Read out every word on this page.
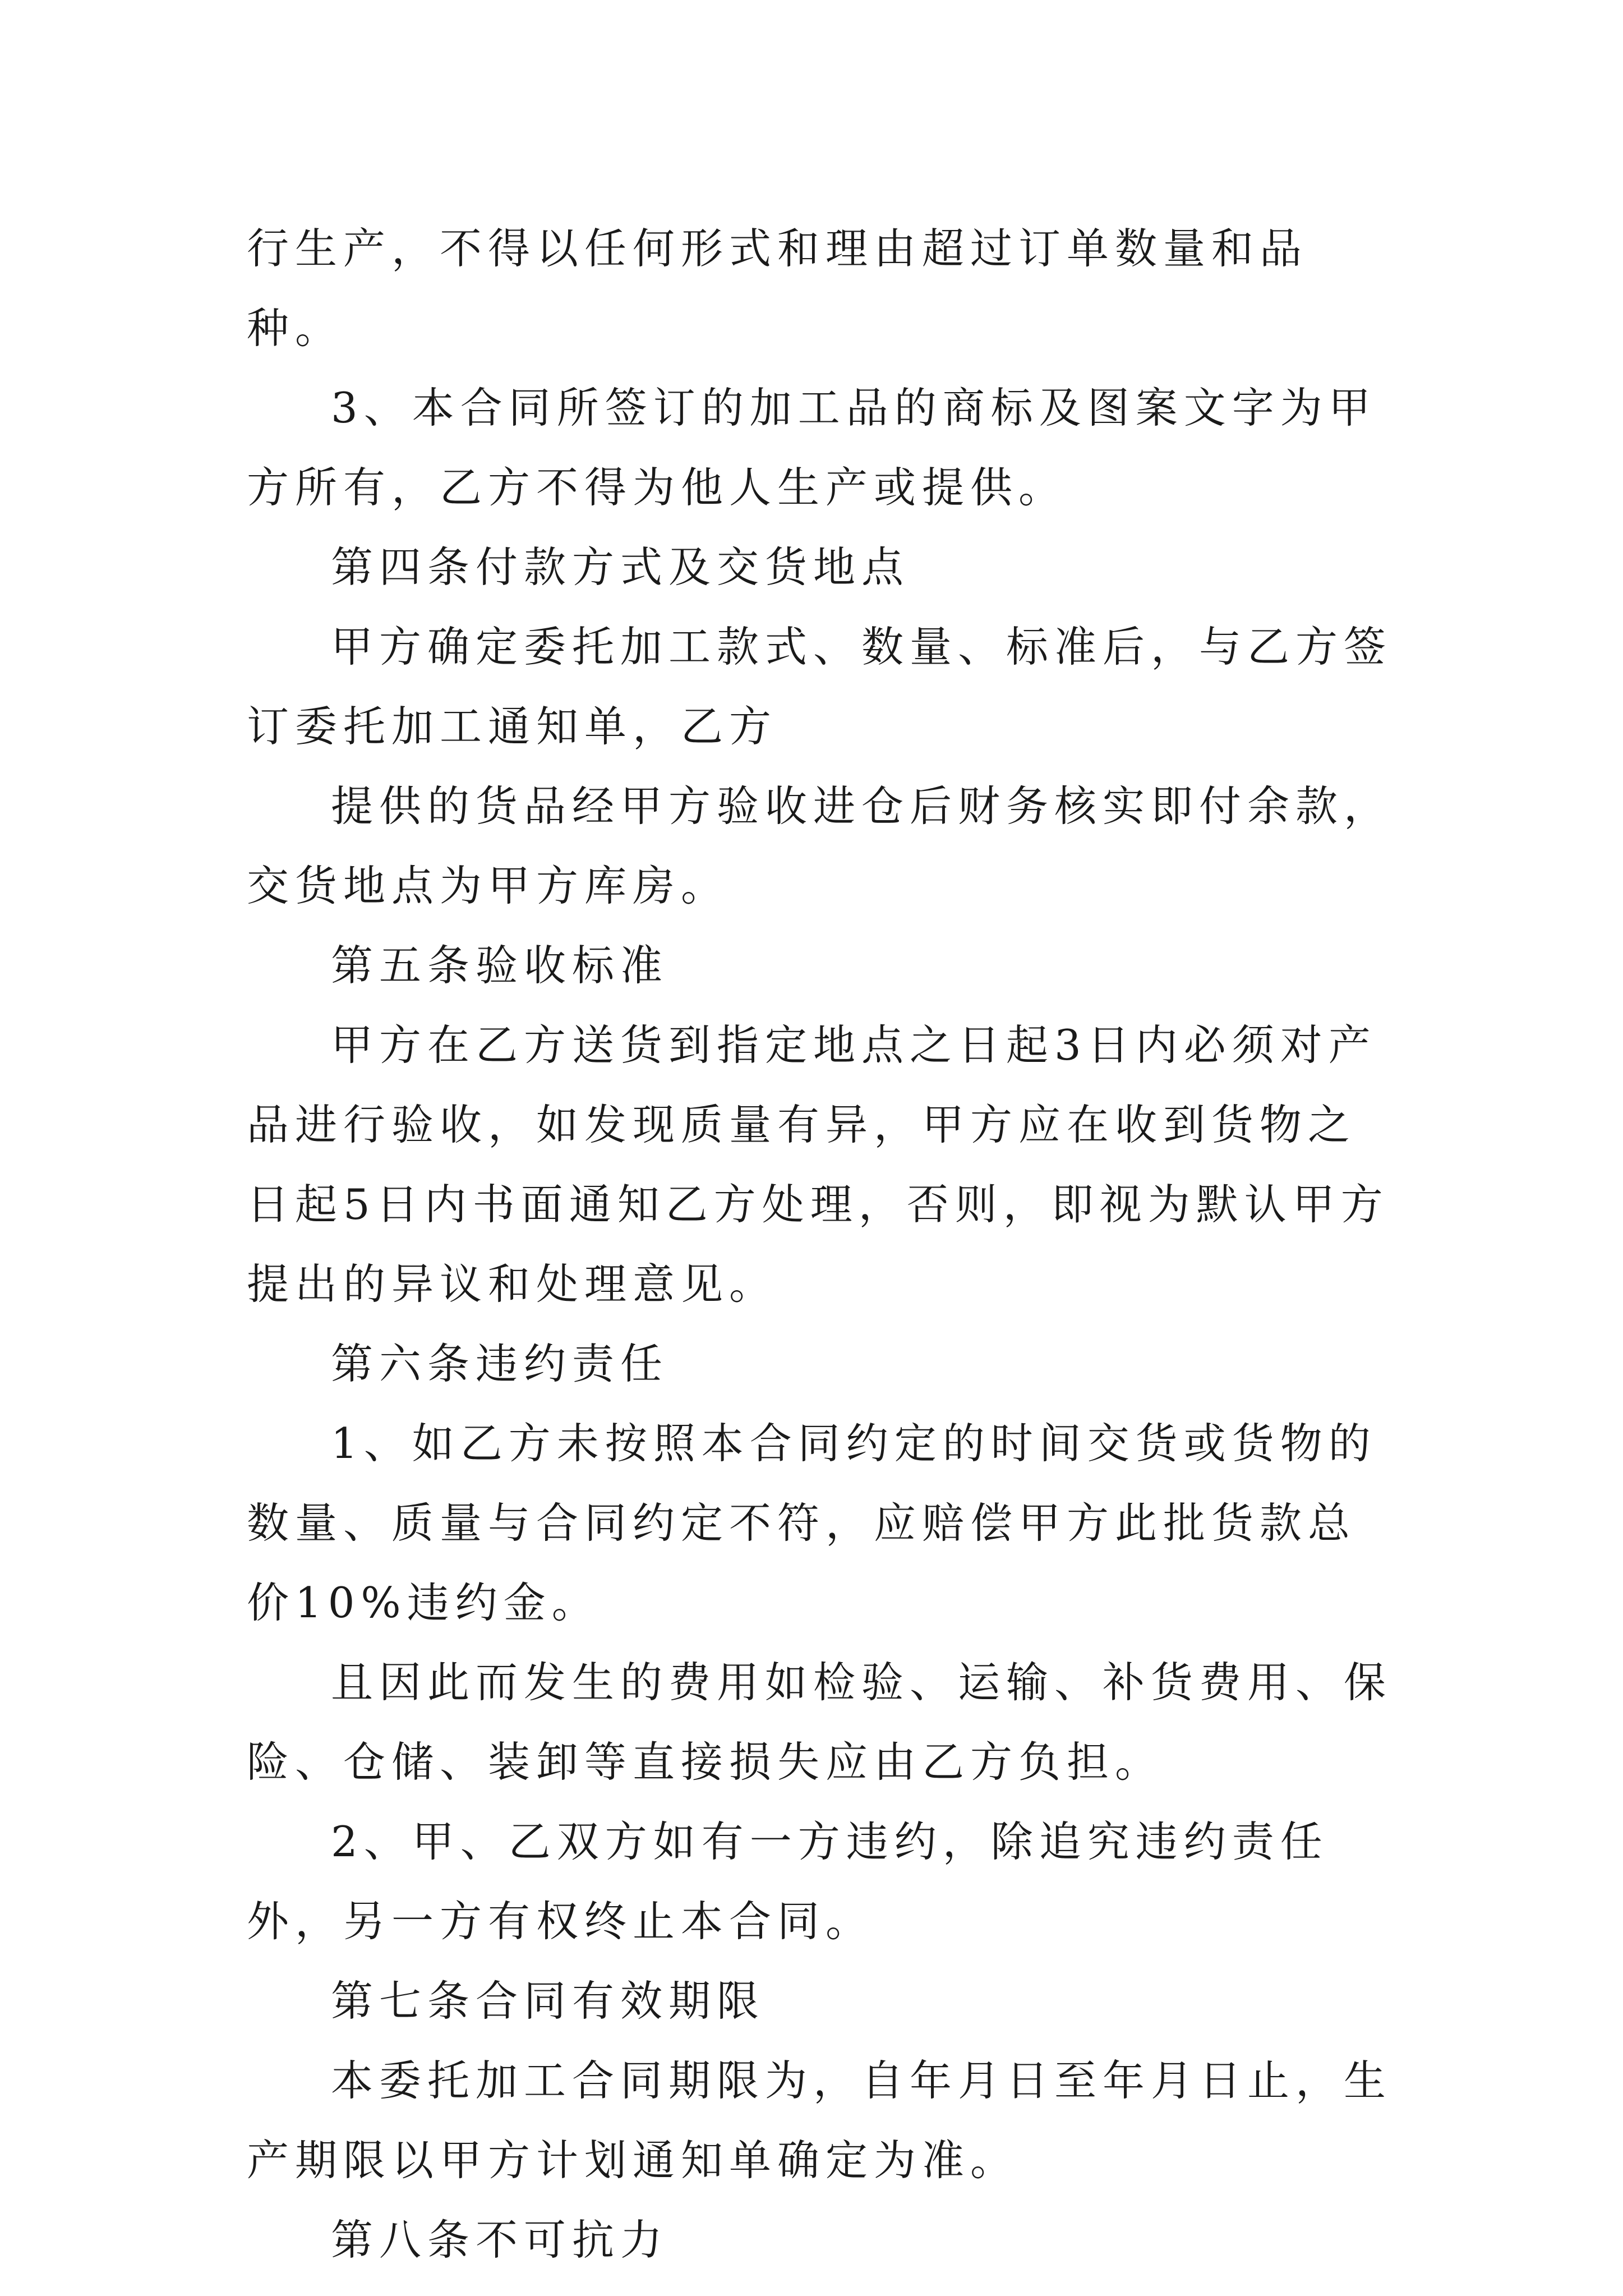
行生产，不得以任何形式和理由超过订单数量和品种。

3、本合同所签订的加工品的商标及图案文字为甲方所有，乙方不得为他人生产或提供。

第四条付款方式及交货地点

甲方确定委托加工款式、数量、标准后，与乙方签订委托加工通知单，乙方

提供的货品经甲方验收进仓后财务核实即付余款，交货地点为甲方库房。

第五条验收标准

甲方在乙方送货到指定地点之日起3日内必须对产品进行验收，如发现质量有异，甲方应在收到货物之日起5日内书面通知乙方处理，否则，即视为默认甲方提出的异议和处理意见。

第六条违约责任

1、如乙方未按照本合同约定的时间交货或货物的数量、质量与合同约定不符，应赔偿甲方此批货款总价10%违约金。

且因此而发生的费用如检验、运输、补货费用、保险、仓储、装卸等直接损失应由乙方负担。

2、甲、乙双方如有一方违约，除追究违约责任外，另一方有权终止本合同。

第七条合同有效期限

本委托加工合同期限为，自年月日至年月日止，生产期限以甲方计划通知单确定为准。

第八条不可抗力
